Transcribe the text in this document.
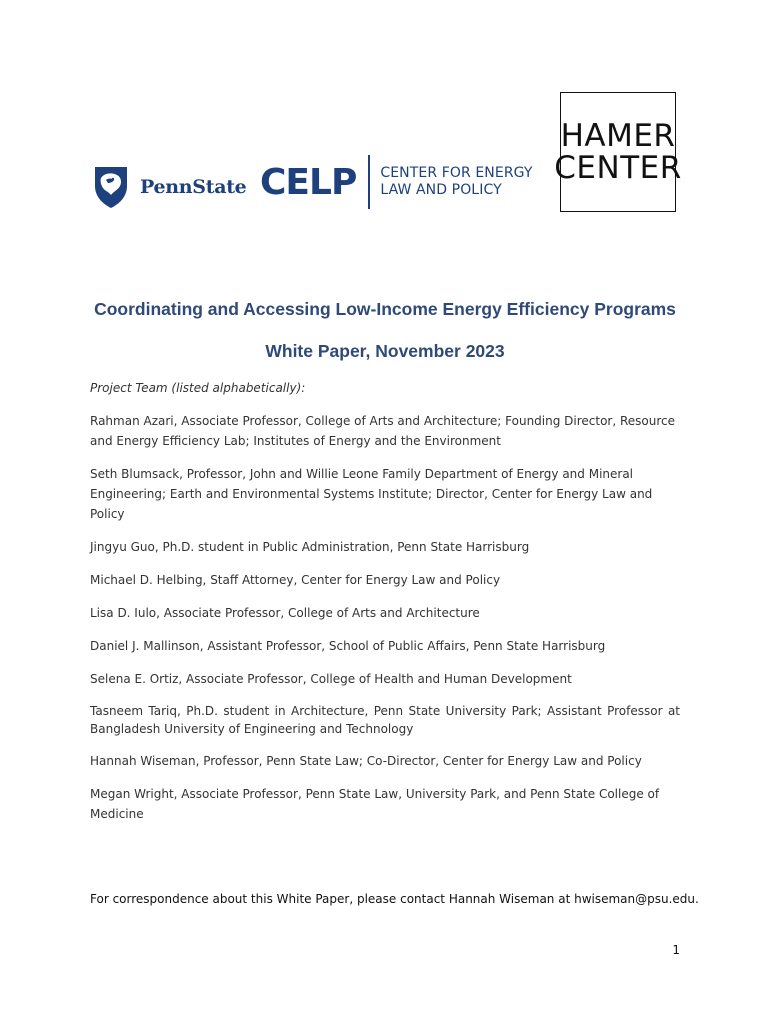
PennState CELP CENTER FOR ENERGY
LAW AND POLICY
HAMER
CENTER
Coordinating and Accessing Low-Income Energy Efficiency Programs
White Paper, November 2023

Project Team (listed alphabetically):

Rahman Azari, Associate Professor, College of Arts and Architecture; Founding Director, Resource and Energy Efficiency Lab; Institutes of Energy and the Environment

Seth Blumsack, Professor, John and Willie Leone Family Department of Energy and Mineral Engineering; Earth and Environmental Systems Institute; Director, Center for Energy Law and Policy

Jingyu Guo, Ph.D. student in Public Administration, Penn State Harrisburg

Michael D. Helbing, Staff Attorney, Center for Energy Law and Policy

Lisa D. Iulo, Associate Professor, College of Arts and Architecture

Daniel J. Mallinson, Assistant Professor, School of Public Affairs, Penn State Harrisburg

Selena E. Ortiz, Associate Professor, College of Health and Human Development

Tasneem Tariq, Ph.D. student in Architecture, Penn State University Park; Assistant Professor at Bangladesh University of Engineering and Technology

Hannah Wiseman, Professor, Penn State Law; Co-Director, Center for Energy Law and Policy

Megan Wright, Associate Professor, Penn State Law, University Park, and Penn State College of Medicine

For correspondence about this White Paper, please contact Hannah Wiseman at hwiseman@psu.edu.
1
